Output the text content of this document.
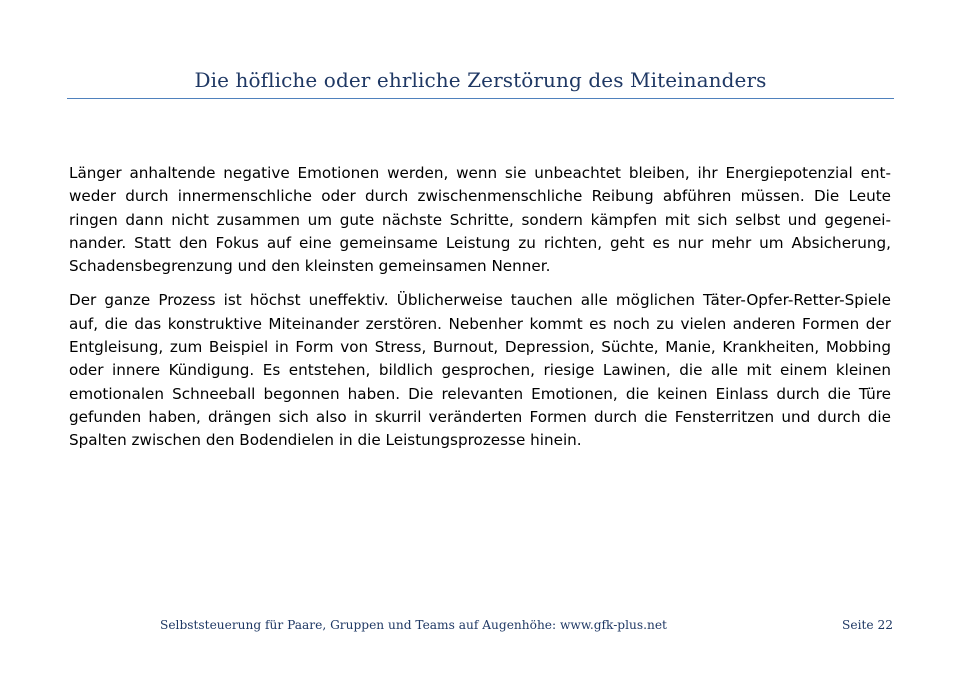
Die höfliche oder ehrliche Zerstörung des Miteinanders

Länger anhaltende negative Emotionen werden, wenn sie unbeachtet bleiben, ihr Energiepotenzial entweder durch innermenschliche oder durch zwischenmenschliche Reibung abführen müssen. Die Leute ringen dann nicht zusammen um gute nächste Schritte, sondern kämpfen mit sich selbst und gegeneinander. Statt den Fokus auf eine gemeinsame Leistung zu richten, geht es nur mehr um Absicherung, Schadensbegrenzung und den kleinsten gemeinsamen Nenner.

Der ganze Prozess ist höchst uneffektiv. Üblicherweise tauchen alle möglichen Täter-Opfer-Retter-Spiele auf, die das konstruktive Miteinander zerstören. Nebenher kommt es noch zu vielen anderen Formen der Entgleisung, zum Beispiel in Form von Stress, Burnout, Depression, Süchte, Manie, Krankheiten, Mobbing oder innere Kündigung. Es entstehen, bildlich gesprochen, riesige Lawinen, die alle mit einem kleinen emotionalen Schneeball begonnen haben. Die relevanten Emotionen, die keinen Einlass durch die Türe gefunden haben, drängen sich also in skurril veränderten Formen durch die Fensterritzen und durch die Spalten zwischen den Bodendielen in die Leistungsprozesse hinein.

Selbststeuerung für Paare, Gruppen und Teams auf Augenhöhe: www.gfk-plus.net	Seite 22
